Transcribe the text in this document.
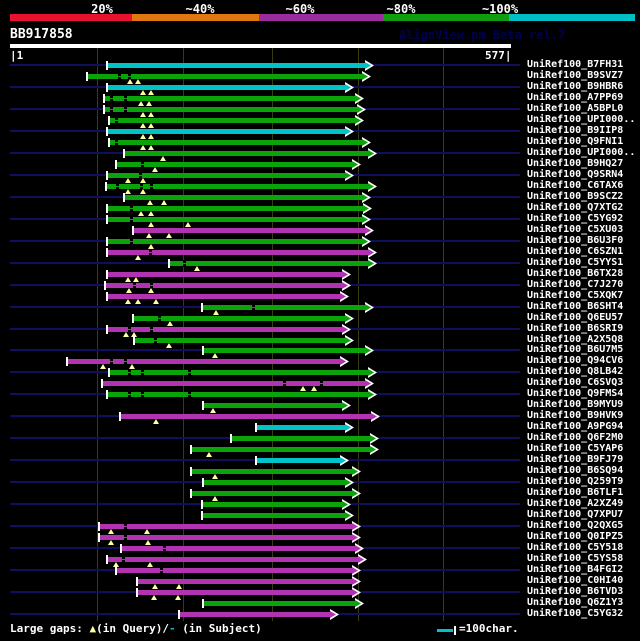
20%	~40%	~60%	~80%	~100%
BB917858	AlignView.pm Beta rel.7
|1	577|
UniRef100_B7FH31
UniRef100_B9SVZ7
UniRef100_B9HBR6
UniRef100_A7PP69
UniRef100_A5BPL0
UniRef100_UPI000..
UniRef100_B9IIP8
UniRef100_Q9FNI1
UniRef100_UPI000..
UniRef100_B9HQ27
UniRef100_Q9SRN4
UniRef100_C6TAX6
UniRef100_B9SCZ2
UniRef100_Q7XTG2
UniRef100_C5YG92
UniRef100_C5XU03
UniRef100_B6U3F0
UniRef100_C6SZN1
UniRef100_C5YYS1
UniRef100_B6TX28
UniRef100_C7J270
UniRef100_C5XQK7
UniRef100_B6SHT4
UniRef100_Q6EU57
UniRef100_B6SRI9
UniRef100_A2X5Q8
UniRef100_B6U7M5
UniRef100_Q94CV6
UniRef100_Q8LB42
UniRef100_C6SVQ3
UniRef100_Q9FMS4
UniRef100_B9MYU9
UniRef100_B9HVK9
UniRef100_A9PG94
UniRef100_Q6F2M0
UniRef100_C5YAP6
UniRef100_B9FJ79
UniRef100_B6SQ94
UniRef100_Q259T9
UniRef100_B6TLF1
UniRef100_A2XZ49
UniRef100_Q7XPU7
UniRef100_Q2QXG5
UniRef100_Q0IPZ5
UniRef100_C5Y518
UniRef100_C5YS58
UniRef100_B4FGI2
UniRef100_C0HI40
UniRef100_B6TVD3
UniRef100_Q6Z1Y3
UniRef100_C5YG32
Large gaps: ▲(in Query)/- (in Subject)	=100char.
